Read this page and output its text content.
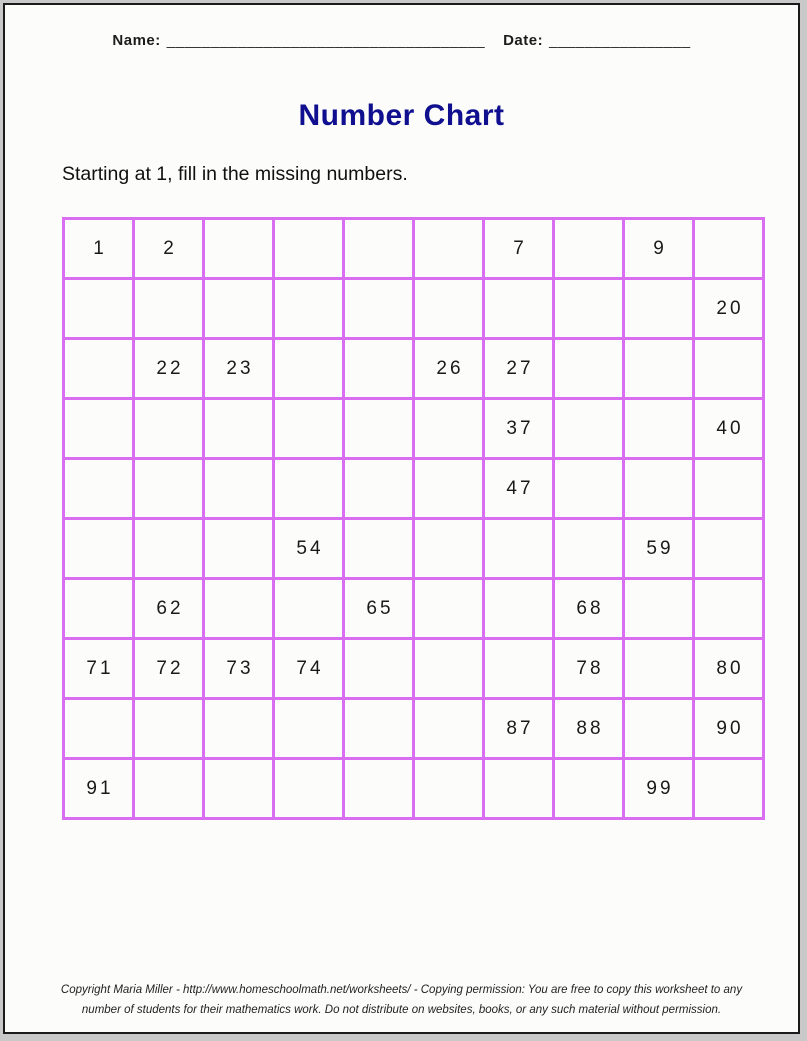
Name: ____________________________________ Date: ________________
Number Chart
Starting at 1, fill in the missing numbers.
1	2					7		9	
									20
	22	23			26	27			
						37			40
						47			
			54					59	
	62			65			68		
71	72	73	74				78		80
						87	88		90
91								99	
Copyright Maria Miller - http://www.homeschoolmath.net/worksheets/ - Copying permission: You are free to copy this worksheet to any
number of students for their mathematics work. Do not distribute on websites, books, or any such material without permission.
